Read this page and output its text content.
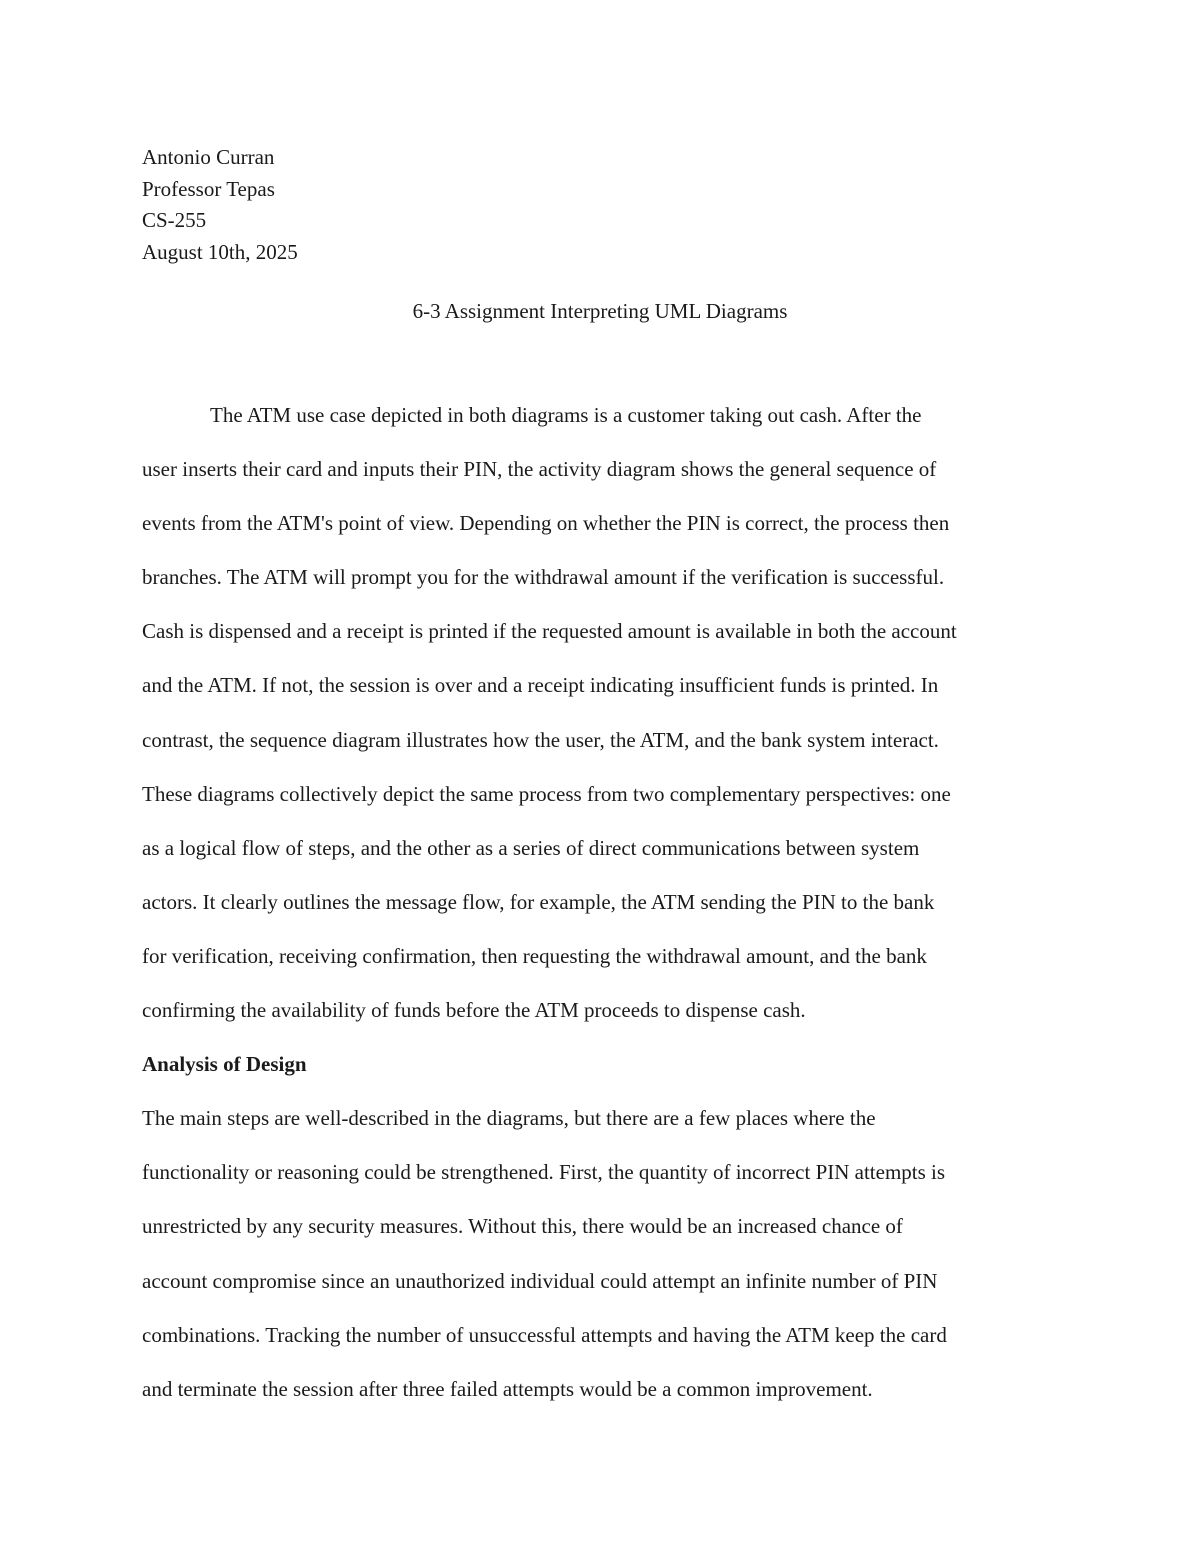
Antonio Curran
Professor Tepas
CS-255
August 10th, 2025
6-3 Assignment Interpreting UML Diagrams
The ATM use case depicted in both diagrams is a customer taking out cash. After the
user inserts their card and inputs their PIN, the activity diagram shows the general sequence of
events from the ATM's point of view. Depending on whether the PIN is correct, the process then
branches. The ATM will prompt you for the withdrawal amount if the verification is successful.
Cash is dispensed and a receipt is printed if the requested amount is available in both the account
and the ATM. If not, the session is over and a receipt indicating insufficient funds is printed. In
contrast, the sequence diagram illustrates how the user, the ATM, and the bank system interact.
These diagrams collectively depict the same process from two complementary perspectives: one
as a logical flow of steps, and the other as a series of direct communications between system
actors. It clearly outlines the message flow, for example, the ATM sending the PIN to the bank
for verification, receiving confirmation, then requesting the withdrawal amount, and the bank
confirming the availability of funds before the ATM proceeds to dispense cash.
Analysis of Design
The main steps are well-described in the diagrams, but there are a few places where the
functionality or reasoning could be strengthened. First, the quantity of incorrect PIN attempts is
unrestricted by any security measures. Without this, there would be an increased chance of
account compromise since an unauthorized individual could attempt an infinite number of PIN
combinations. Tracking the number of unsuccessful attempts and having the ATM keep the card
and terminate the session after three failed attempts would be a common improvement.
